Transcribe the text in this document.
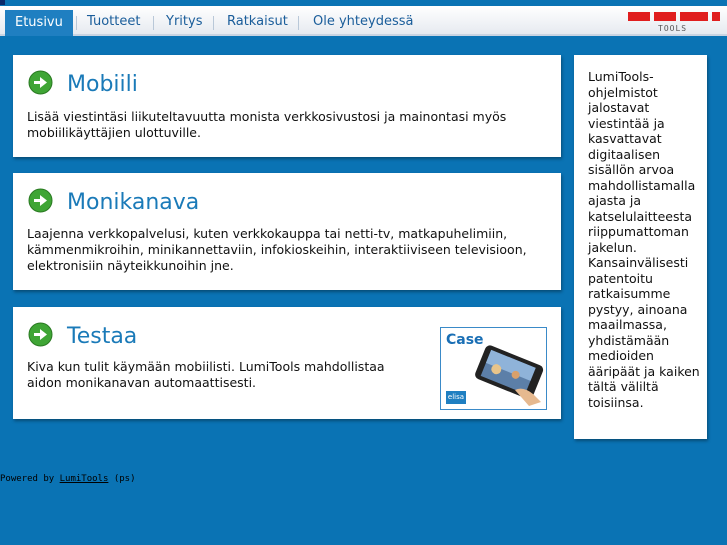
Etusivu	Tuotteet	Yritys	Ratkaisut	Ole yhteydessä	TOOLS
Mobiili
Lisää viestintäsi liikuteltavuutta monista verkkosivustosi ja mainontasi myös mobiilikäyttäjien ulottuville.
Monikanava
Laajenna verkkopalvelusi, kuten verkkokauppa tai netti-tv, matkapuhelimiin, kämmenmikroihin, minikannettaviin, infokioskeihin, interaktiiviseen televisioon, elektronisiin näyteikkunoihin jne.
Testaa
Kiva kun tulit käymään mobiilisti. LumiTools mahdollistaa aidon monikanavan automaattisesti.
Case
elisa
LumiTools-ohjelmistot jalostavat viestintää ja kasvattavat digitaalisen sisällön arvoa mahdollistamalla ajasta ja katselulaitteesta riippumattoman jakelun. Kansainvälisesti patentoitu ratkaisumme pystyy, ainoana maailmassa, yhdistämään medioiden ääripäät ja kaiken tältä väliltä toisiinsa.
Powered by LumiTools (ps)
